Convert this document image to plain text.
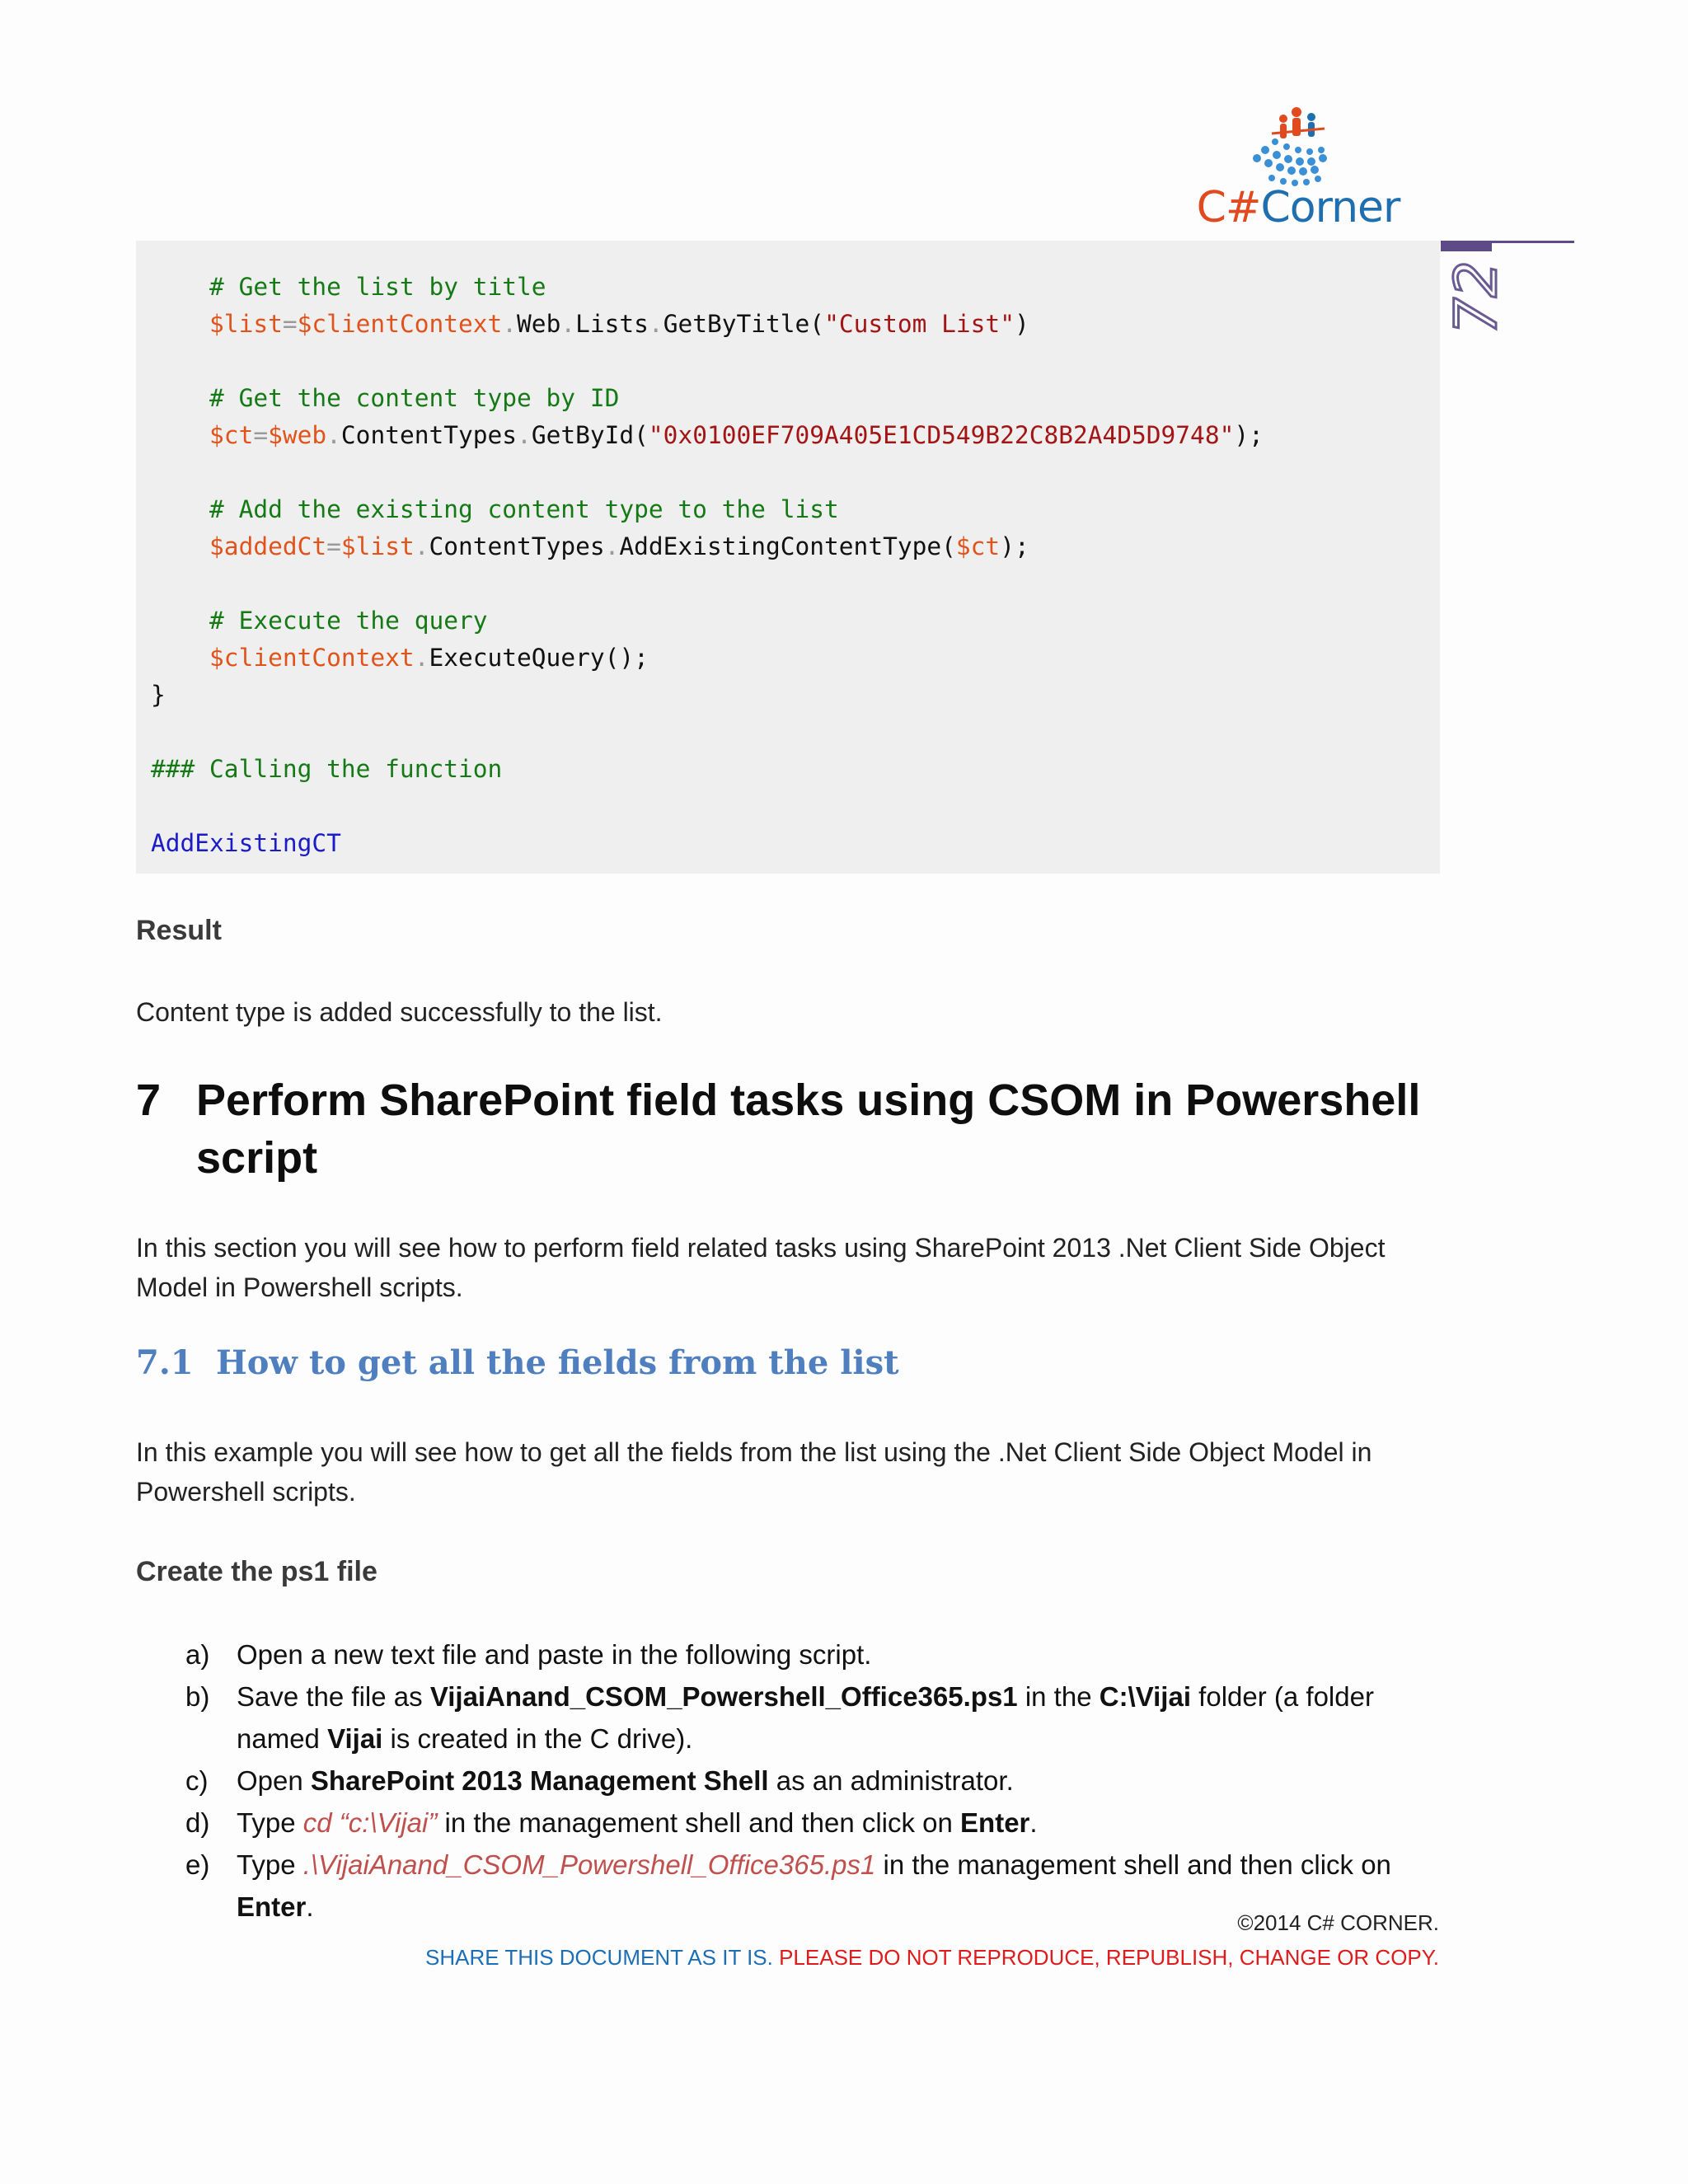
C#Corner
72
# Get the list by title
$list=$clientContext.Web.Lists.GetByTitle("Custom List")

# Get the content type by ID
$ct=$web.ContentTypes.GetById("0x0100EF709A405E1CD549B22C8B2A4D5D9748");

# Add the existing content type to the list
$addedCt=$list.ContentTypes.AddExistingContentType($ct);

# Execute the query
$clientContext.ExecuteQuery();
}

### Calling the function

AddExistingCT

Result
Content type is added successfully to the list.
7 Perform SharePoint field tasks using CSOM in Powershell script
In this section you will see how to perform field related tasks using SharePoint 2013 .Net Client Side Object Model in Powershell scripts.
7.1 How to get all the fields from the list
In this example you will see how to get all the fields from the list using the .Net Client Side Object Model in Powershell scripts.
Create the ps1 file
a) Open a new text file and paste in the following script.
b) Save the file as VijaiAnand_CSOM_Powershell_Office365.ps1 in the C:\Vijai folder (a folder named Vijai is created in the C drive).
c) Open SharePoint 2013 Management Shell as an administrator.
d) Type cd “c:\Vijai” in the management shell and then click on Enter.
e) Type .\VijaiAnand_CSOM_Powershell_Office365.ps1 in the management shell and then click on Enter.
©2014 C# CORNER.
SHARE THIS DOCUMENT AS IT IS. PLEASE DO NOT REPRODUCE, REPUBLISH, CHANGE OR COPY.
